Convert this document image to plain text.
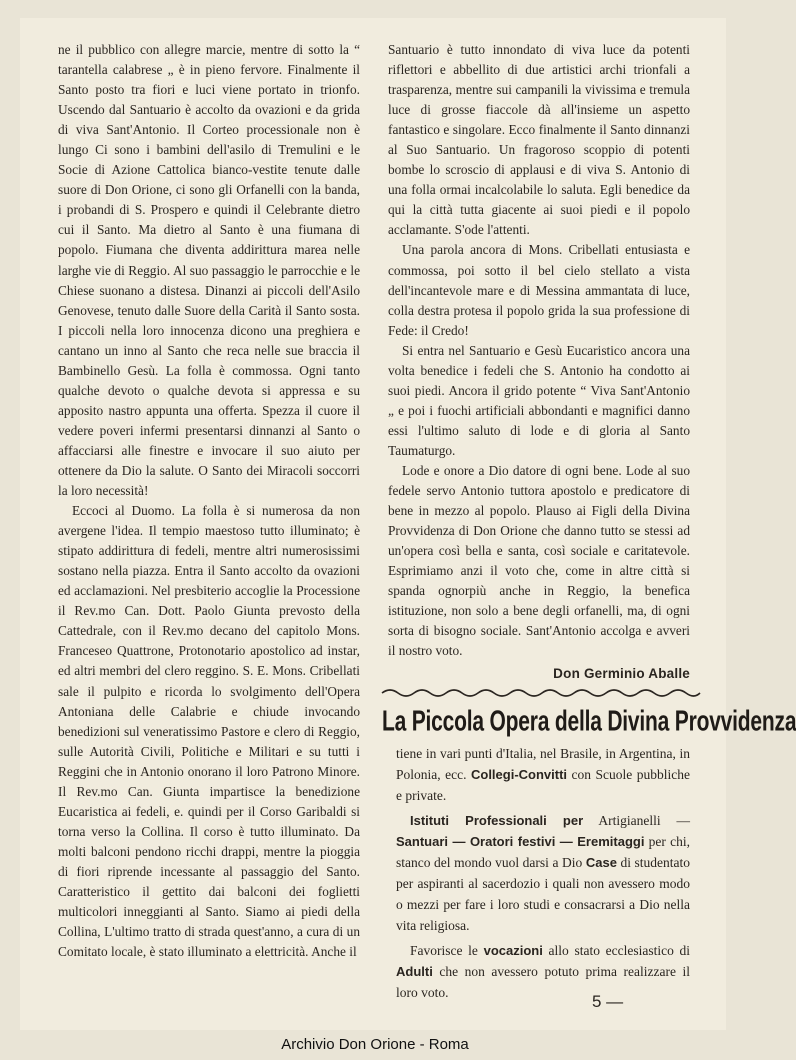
ne il pubblico con allegre marcie, mentre di sotto la “ tarantella calabrese „ è in pieno fervore. Finalmente il Santo posto tra fiori e luci viene portato in trionfo. Uscendo dal Santuario è accolto da ovazioni e da grida di viva Sant'Antonio. Il Corteo processionale non è lungo Ci sono i bambini dell'asilo di Tremulini e le Socie di Azione Cattolica bianco-vestite tenute dalle suore di Don Orione, ci sono gli Orfanelli con la banda, i probandi di S. Prospero e quindi il Celebrante dietro cui il Santo. Ma dietro al Santo è una fiumana di popolo. Fiumana che diventa addirittura marea nelle larghe vie di Reggio. Al suo passaggio le parrocchie e le Chiese suonano a distesa. Dinanzi ai piccoli dell'Asilo Genovese, tenuto dalle Suore della Carità il Santo sosta. I piccoli nella loro innocenza dicono una preghiera e cantano un inno al Santo che reca nelle sue braccia il Bambinello Gesù. La folla è commossa. Ogni tanto qualche devoto o qualche devota si appressa e su apposito nastro appunta una offerta. Spezza il cuore il vedere poveri infermi presentarsi dinnanzi al Santo o affacciarsi alle finestre e invocare il suo aiuto per ottenere da Dio la salute. O Santo dei Miracoli soccorri la loro necessità!

Eccoci al Duomo. La folla è si numerosa da non avergene l'idea. Il tempio maestoso tutto illuminato; è stipato addirittura di fedeli, mentre altri numerosissimi sostano nella piazza. Entra il Santo accolto da ovazioni ed acclamazioni. Nel presbiterio accoglie la Processione il Rev.mo Can. Dott. Paolo Giunta prevosto della Cattedrale, con il Rev.mo decano del capitolo Mons. Franceseo Quattrone, Protonotario apostolico ad instar, ed altri membri del clero reggino. S. E. Mons. Cribellati sale il pulpito e ricorda lo svolgimento dell'Opera Antoniana delle Calabrie e chiude invocando benedizioni sul veneratissimo Pastore e clero di Reggio, sulle Autorità Civili, Politiche e Militari e su tutti i Reggini che in Antonio onorano il loro Patrono Minore. Il Rev.mo Can. Giunta impartisce la benedizione Eucaristica ai fedeli, e. quindi per il Corso Garibaldi si torna verso la Collina. Il corso è tutto illuminato. Da molti balconi pendono ricchi drappi, mentre la pioggia di fiori riprende incessante al passaggio del Santo. Caratteristico il gettito dai balconi dei foglietti multicolori inneggianti al Santo. Siamo ai piedi della Collina, L'ultimo tratto di strada quest'anno, a cura di un Comitato locale, è stato illuminato a elettricità. Anche il

Santuario è tutto innondato di viva luce da potenti riflettori e abbellito di due artistici archi trionfali a trasparenza, mentre sui campanili la vivissima e tremula luce di grosse fiaccole dà all'insieme un aspetto fantastico e singolare. Ecco finalmente il Santo dinnanzi al Suo Santuario. Un fragoroso scoppio di potenti bombe lo scroscio di applausi e di viva S. Antonio di una folla ormai incalcolabile lo saluta. Egli benedice da qui la città tutta giacente ai suoi piedi e il popolo acclamante. S'ode l'attenti.

Una parola ancora di Mons. Cribellati entusiasta e commossa, poi sotto il bel cielo stellato a vista dell'incantevole mare e di Messina ammantata di luce, colla destra protesa il popolo grida la sua professione di Fede: il Credo!

Si entra nel Santuario e Gesù Eucaristico ancora una volta benedice i fedeli che S. Antonio ha condotto ai suoi piedi. Ancora il grido potente “ Viva Sant'Antonio „ e poi i fuochi artificiali abbondanti e magnifici danno essi l'ultimo saluto di lode e di gloria al Santo Taumaturgo.

Lode e onore a Dio datore di ogni bene. Lode al suo fedele servo Antonio tuttora apostolo e predicatore di bene in mezzo al popolo. Plauso ai Figli della Divina Provvidenza di Don Orione che danno tutto se stessi ad un'opera così bella e santa, così sociale e caritatevole. Esprimiamo anzi il voto che, come in altre città si spanda ognorpiù anche in Reggio, la benefica istituzione, non solo a bene degli orfanelli, ma, di ogni sorta di bisogno sociale. Sant'Antonio accolga e avveri il nostro voto.

Don Germinio Aballe
La Piccola Opera della Divina Provvidenza

tiene in vari punti d'Italia, nel Brasile, in Argentina, in Polonia, ecc. Collegi-Convitti con Scuole pubbliche e private.

Istituti Professionali per Artigianelli — Santuari — Oratori festivi — Eremitaggi per chi, stanco del mondo vuol darsi a Dio Case di studentato per aspiranti al sacerdozio i quali non avessero modo o mezzi per fare i loro studi e consacrarsi a Dio nella vita religiosa.

Favorisce le vocazioni allo stato ecclesiastico di Adulti che non avessero potuto prima realizzare il loro voto.	5 —
Archivio Don Orione - Roma
